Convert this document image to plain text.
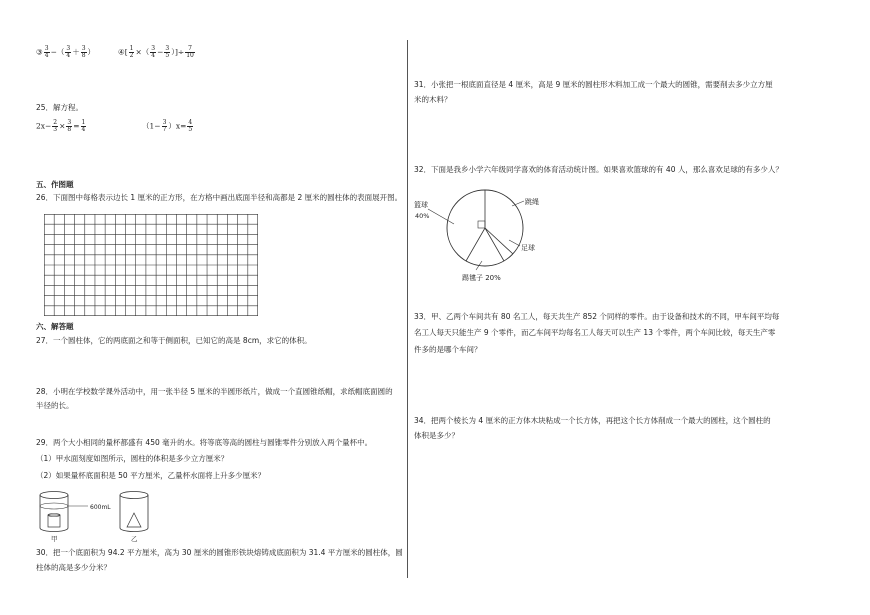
③ $\frac{3}{4}$ −（ $\frac{3}{4} + \frac{3}{8}$ ）	④[ $\frac{1}{2}$ ×（ $\frac{3}{4} - \frac{3}{5}$ ）]÷ $\frac{7}{10}$
25．解方程。
$2x- \frac{2}{3} \times \frac{3}{8} = \frac{1}{4}$	$(1- \frac{3}{7} )x= \frac{4}{5}$
五、作图题
26．下面图中每格表示边长 1 厘米的正方形，在方格中画出底面半径和高都是 2 厘米的圆柱体的表面展开图。
六、解答题
27．一个圆柱体，它的两底面之和等于侧面积，已知它的高是 8cm，求它的体积。
28．小明在学校数学课外活动中，用一张半径 5 厘米的半圆形纸片，做成一个直圆锥纸帽，求纸帽底面圆的
半径的长。
29．两个大小相同的量杯都盛有 450 毫升的水。将等底等高的圆柱与圆锥零件分别放入两个量杯中。
（1）甲水面刻度如图所示，圆柱的体积是多少立方厘米？
（2）如果量杯底面积是 50 平方厘米，乙量杯水面将上升多少厘米？
600mL
甲	乙
30．把一个底面积为 94.2 平方厘米，高为 30 厘米的圆锥形铁块熔铸成底面积为 31.4 平方厘米的圆柱体，圆
柱体的高是多少分米？
31．小张把一根底面直径是 4 厘米，高是 9 厘米的圆柱形木料加工成一个最大的圆锥，需要削去多少立方厘
米的木料？
32．下面是我乡小学六年级同学喜欢的体育活动统计图。如果喜欢篮球的有 40 人，那么喜欢足球的有多少人？
篮球
40%
跳绳
足球
踢毽子 20%
33．甲、乙两个车间共有 80 名工人，每天共生产 852 个同样的零件。由于设备和技术的不同，甲车间平均每
名工人每天只能生产 9 个零件，而乙车间平均每名工人每天可以生产 13 个零件，两个车间比较，每天生产零
件多的是哪个车间？
34．把两个棱长为 4 厘米的正方体木块粘成一个长方体，再把这个长方体削成一个最大的圆柱，这个圆柱的
体积是多少？
